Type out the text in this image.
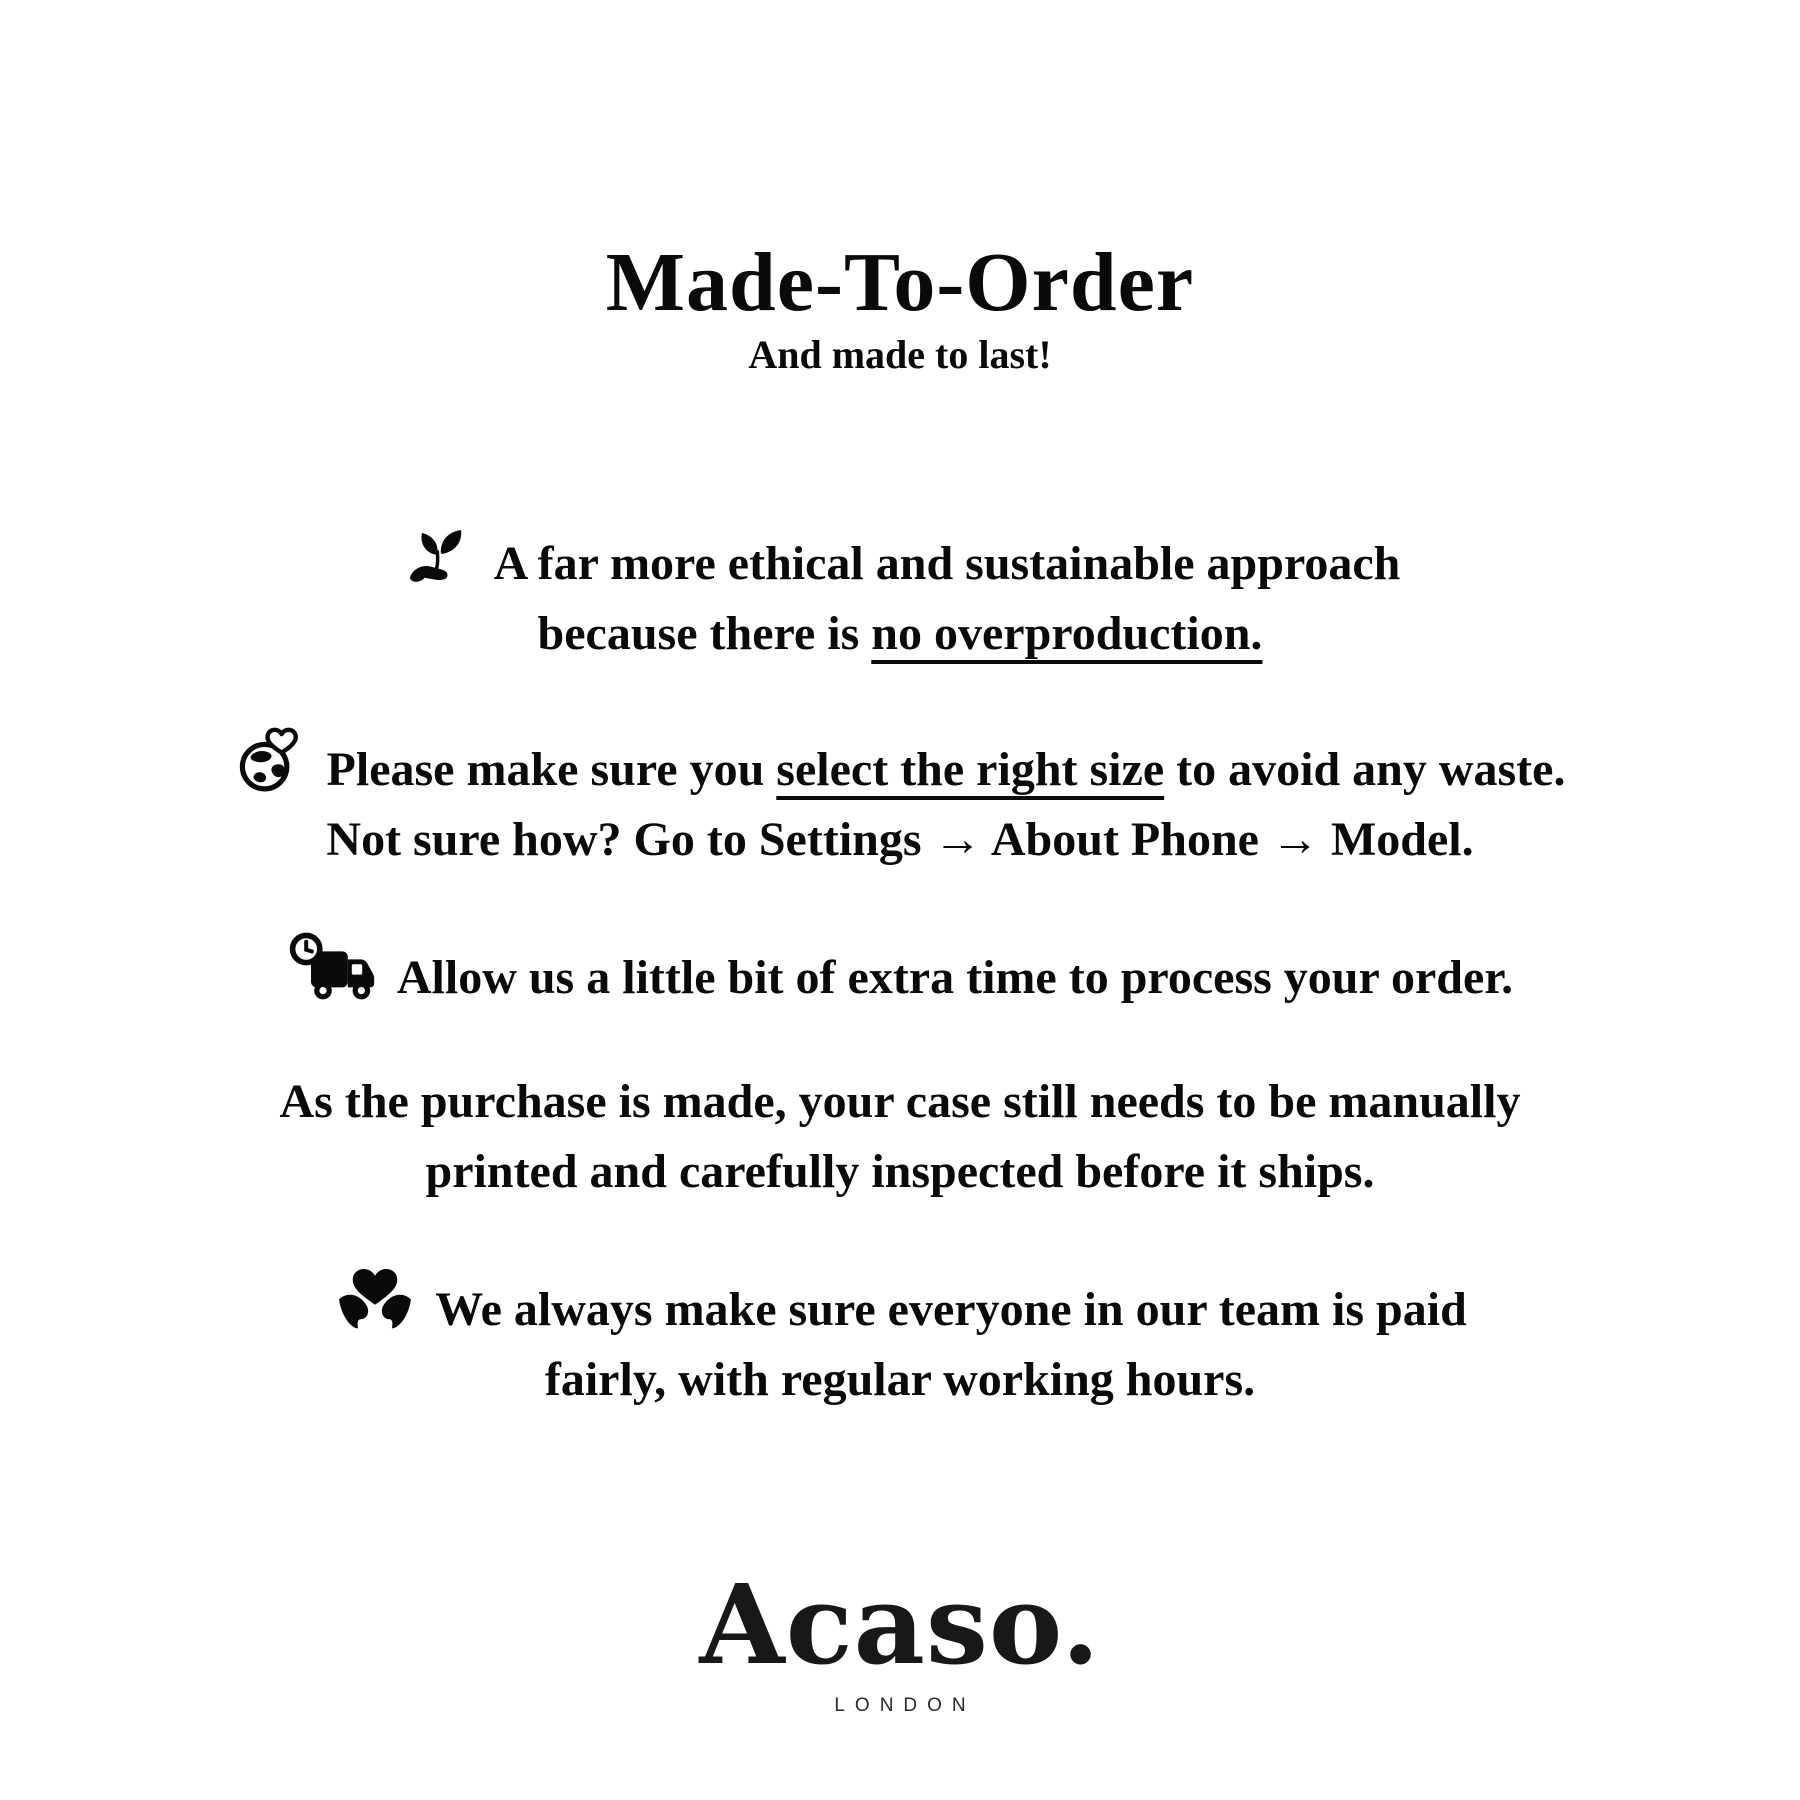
Made-To-Order
And made to last!
A far more ethical and sustainable approach
because there is no overproduction.
Please make sure you select the right size to avoid any waste.
Not sure how? Go to Settings → About Phone → Model.
Allow us a little bit of extra time to process your order.
As the purchase is made, your case still needs to be manually
printed and carefully inspected before it ships.
We always make sure everyone in our team is paid
fairly, with regular working hours.
Acaso.
LONDON
